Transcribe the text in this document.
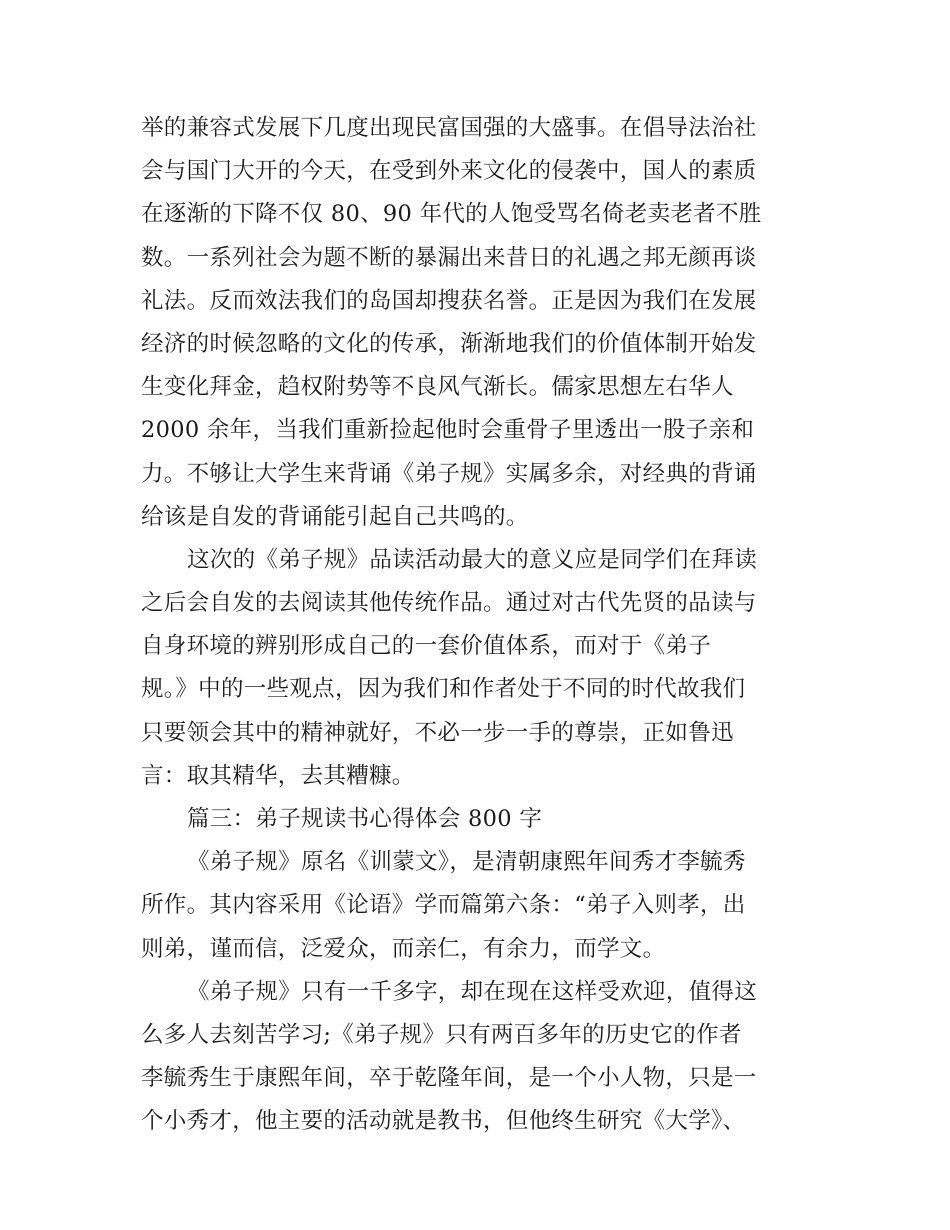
举的兼容式发展下几度出现民富国强的大盛事。在倡导法治社
会与国门大开的今天，在受到外来文化的侵袭中，国人的素质
在逐渐的下降不仅 80、90 年代的人饱受骂名倚老卖老者不胜
数。一系列社会为题不断的暴漏出来昔日的礼遇之邦无颜再谈
礼法。反而效法我们的岛国却搜获名誉。正是因为我们在发展
经济的时候忽略的文化的传承，渐渐地我们的价值体制开始发
生变化拜金，趋权附势等不良风气渐长。儒家思想左右华人
2000 余年，当我们重新捡起他时会重骨子里透出一股子亲和
力。不够让大学生来背诵《弟子规》实属多余，对经典的背诵
给该是自发的背诵能引起自己共鸣的。
这次的《弟子规》品读活动最大的意义应是同学们在拜读
之后会自发的去阅读其他传统作品。通过对古代先贤的品读与
自身环境的辨别形成自己的一套价值体系，而对于《弟子
规。》中的一些观点，因为我们和作者处于不同的时代故我们
只要领会其中的精神就好，不必一步一手的尊崇，正如鲁迅
言：取其精华，去其糟糠。
篇三：弟子规读书心得体会 800 字
《弟子规》原名《训蒙文》，是清朝康熙年间秀才李毓秀
所作。其内容采用《论语》学而篇第六条：“弟子入则孝，出
则弟，谨而信，泛爱众，而亲仁，有余力，而学文。
《弟子规》只有一千多字，却在现在这样受欢迎，值得这
么多人去刻苦学习;《弟子规》只有两百多年的历史它的作者
李毓秀生于康熙年间，卒于乾隆年间，是一个小人物，只是一
个小秀才，他主要的活动就是教书，但他终生研究《大学》、
